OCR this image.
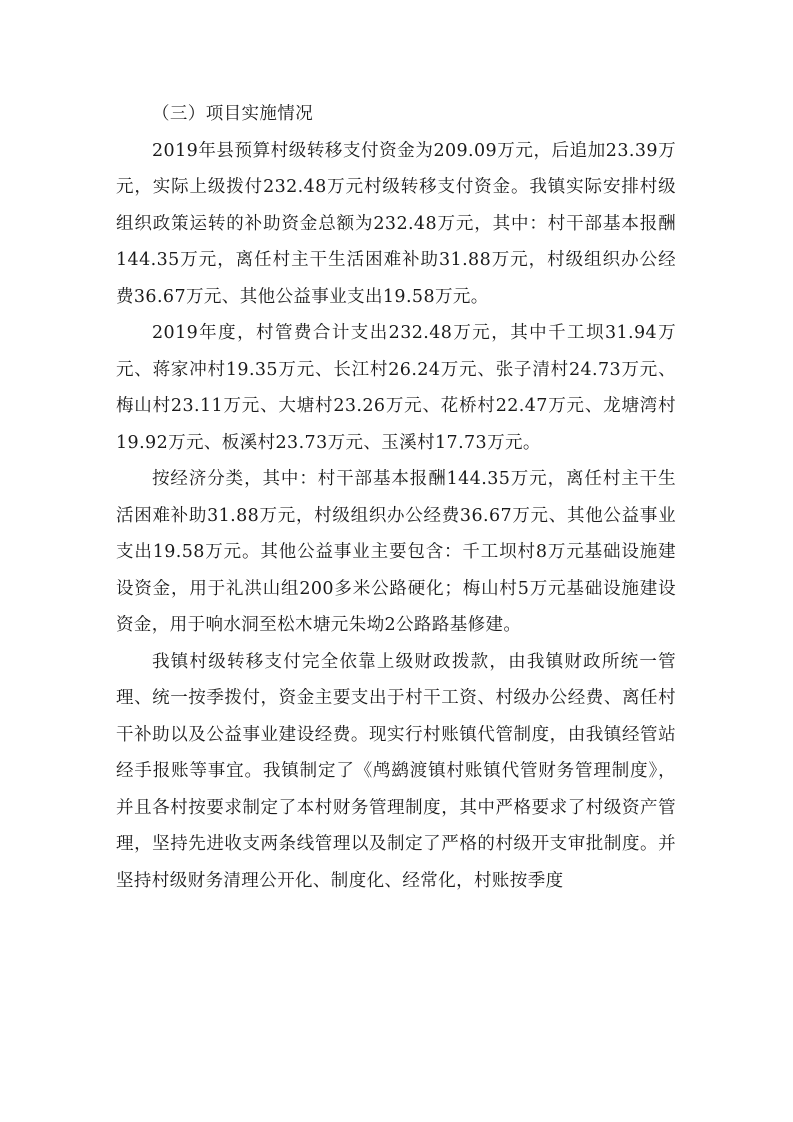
（三）项目实施情况

2019年县预算村级转移支付资金为209.09万元，后追加23.39万元，实际上级拨付232.48万元村级转移支付资金。我镇实际安排村级组织政策运转的补助资金总额为232.48万元，其中：村干部基本报酬144.35万元，离任村主干生活困难补助31.88万元，村级组织办公经费36.67万元、其他公益事业支出19.58万元。

2019年度，村管费合计支出232.48万元，其中千工坝31.94万元、蒋家冲村19.35万元、长江村26.24万元、张子清村24.73万元、梅山村23.11万元、大塘村23.26万元、花桥村22.47万元、龙塘湾村19.92万元、板溪村23.73万元、玉溪村17.73万元。

按经济分类，其中：村干部基本报酬144.35万元，离任村主干生活困难补助31.88万元，村级组织办公经费36.67万元、其他公益事业支出19.58万元。其他公益事业主要包含：千工坝村8万元基础设施建设资金，用于礼洪山组200多米公路硬化；梅山村5万元基础设施建设资金，用于响水洞至松木塘元朱坳2公路路基修建。

我镇村级转移支付完全依靠上级财政拨款，由我镇财政所统一管理、统一按季拨付，资金主要支出于村干工资、村级办公经费、离任村干补助以及公益事业建设经费。现实行村账镇代管制度，由我镇经管站经手报账等事宜。我镇制定了《鸬鹚渡镇村账镇代管财务管理制度》，并且各村按要求制定了本村财务管理制度，其中严格要求了村级资产管理，坚持先进收支两条线管理以及制定了严格的村级开支审批制度。并坚持村级财务清理公开化、制度化、经常化，村账按季度
